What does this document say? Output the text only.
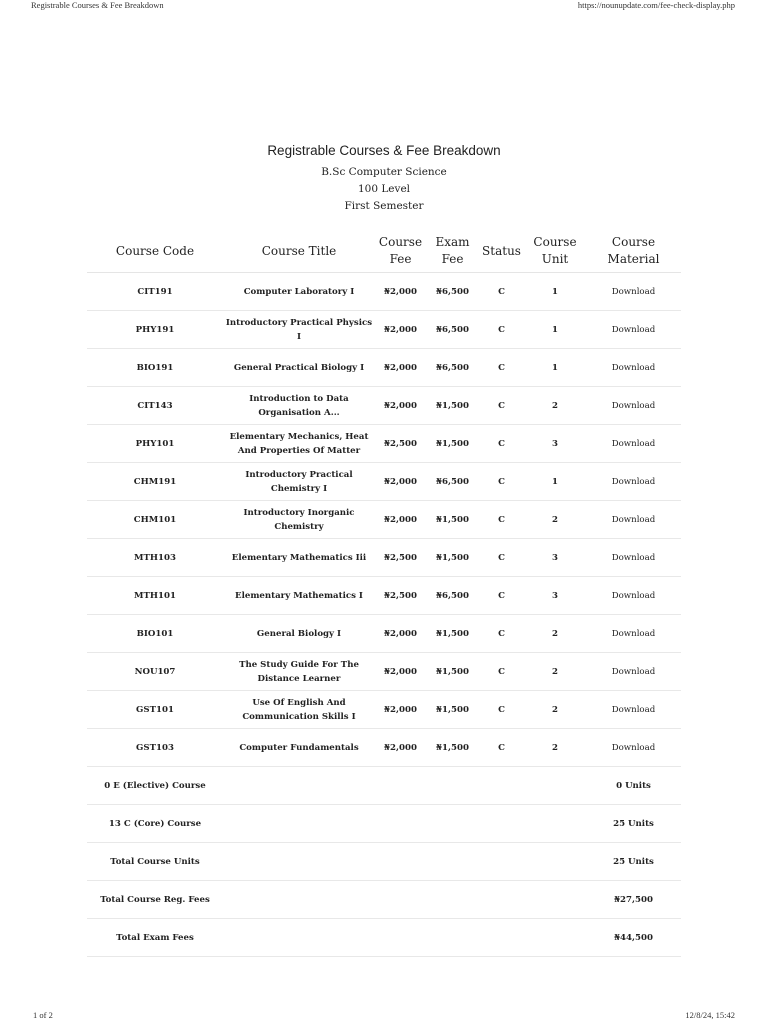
Registrable Courses & Fee Breakdown	https://nounupdate.com/fee-check-display.php
Registrable Courses & Fee Breakdown
B.Sc Computer Science
100 Level
First Semester
Course Code	Course Title	Course Fee	Exam Fee	Status	Course Unit	Course Material
CIT191	Computer Laboratory I	₦2,000	₦6,500	C	1	Download
PHY191	Introductory Practical Physics I	₦2,000	₦6,500	C	1	Download
BIO191	General Practical Biology I	₦2,000	₦6,500	C	1	Download
CIT143	Introduction to Data Organisation A...	₦2,000	₦1,500	C	2	Download
PHY101	Elementary Mechanics, Heat And Properties Of Matter	₦2,500	₦1,500	C	3	Download
CHM191	Introductory Practical Chemistry I	₦2,000	₦6,500	C	1	Download
CHM101	Introductory Inorganic Chemistry	₦2,000	₦1,500	C	2	Download
MTH103	Elementary Mathematics Iii	₦2,500	₦1,500	C	3	Download
MTH101	Elementary Mathematics I	₦2,500	₦6,500	C	3	Download
BIO101	General Biology I	₦2,000	₦1,500	C	2	Download
NOU107	The Study Guide For The Distance Learner	₦2,000	₦1,500	C	2	Download
GST101	Use Of English And Communication Skills I	₦2,000	₦1,500	C	2	Download
GST103	Computer Fundamentals	₦2,000	₦1,500	C	2	Download
0 E (Elective) Course						0 Units
13 C (Core) Course						25 Units
Total Course Units						25 Units
Total Course Reg. Fees						₦27,500
Total Exam Fees						₦44,500
1 of 2	12/8/24, 15:42
